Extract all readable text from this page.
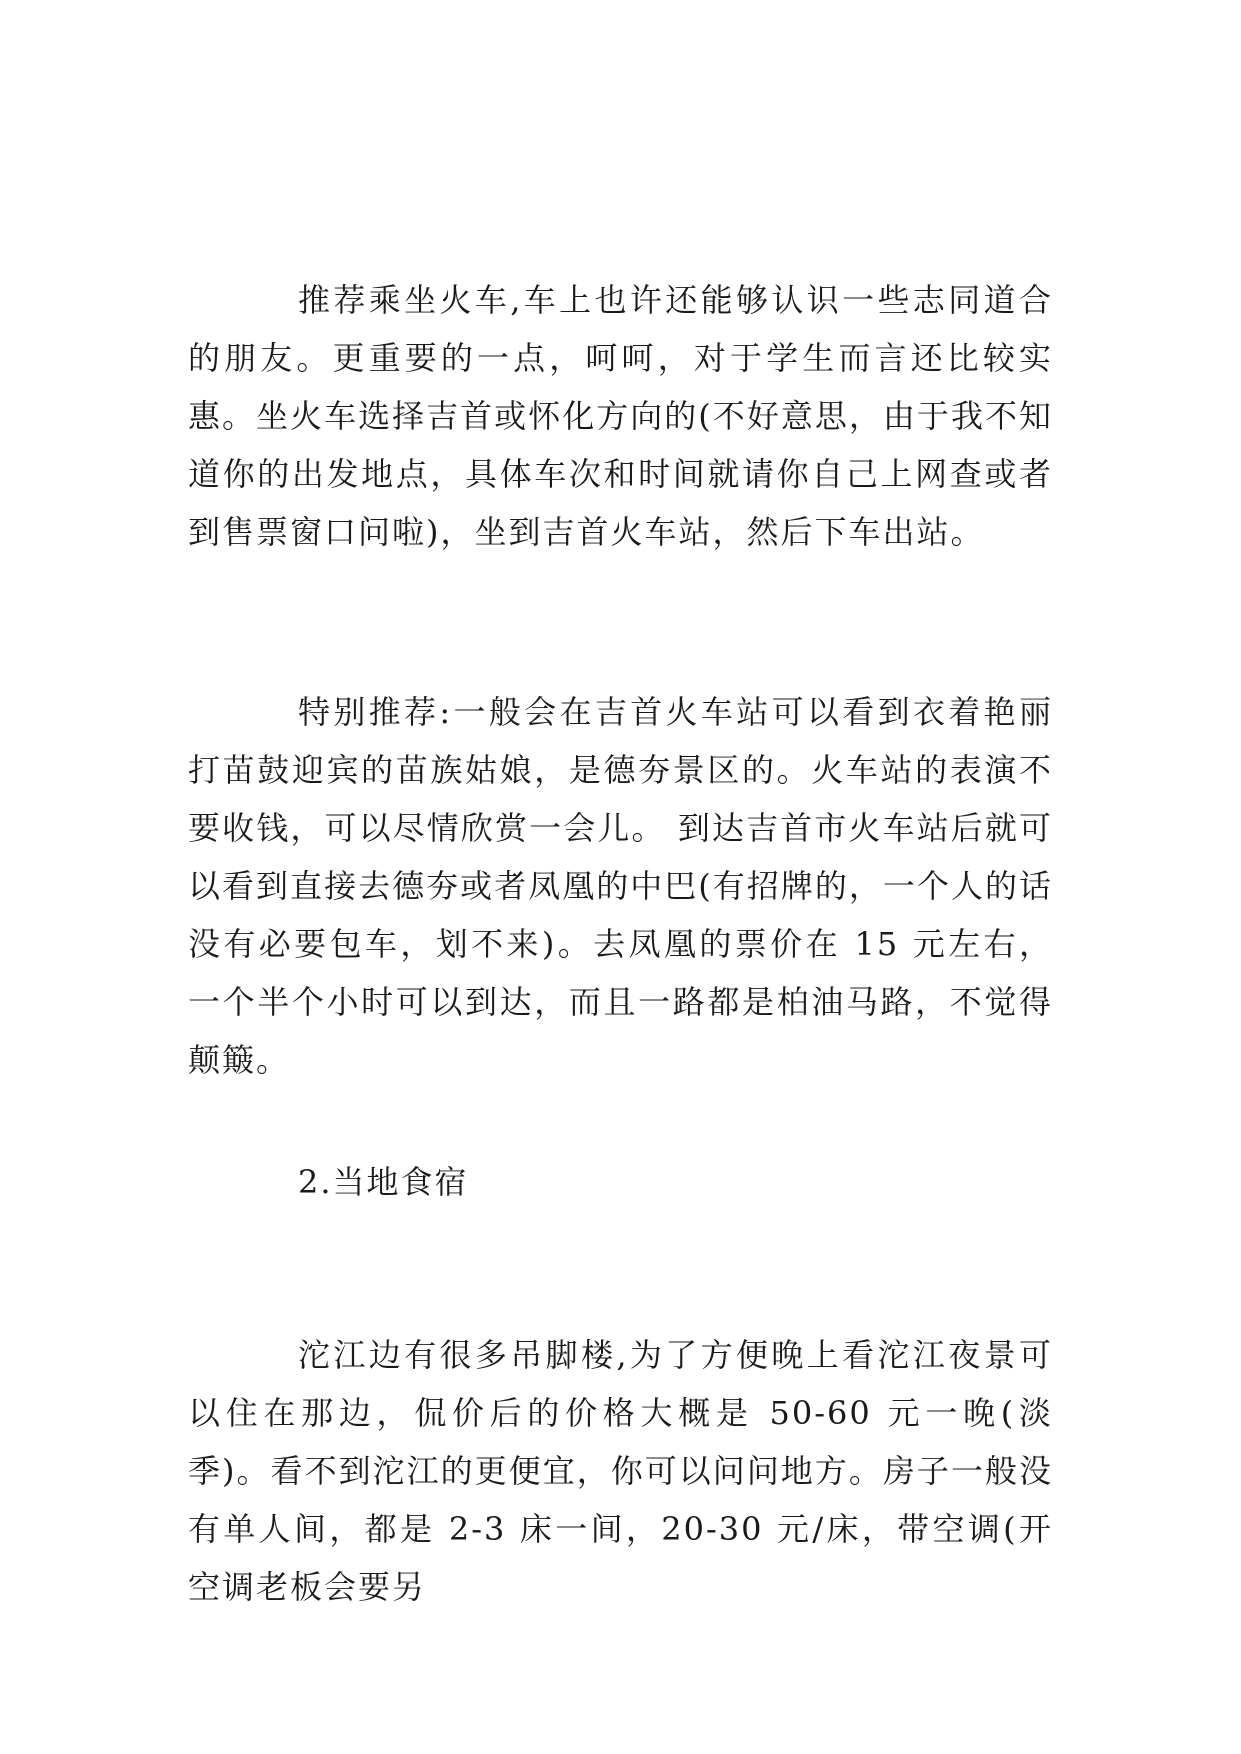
推荐乘坐火车,车上也许还能够认识一些志同道合的朋友。更重要的一点，呵呵，对于学生而言还比较实惠。坐火车选择吉首或怀化方向的(不好意思，由于我不知道你的出发地点，具体车次和时间就请你自己上网查或者到售票窗口问啦)，坐到吉首火车站，然后下车出站。

特别推荐:一般会在吉首火车站可以看到衣着艳丽打苗鼓迎宾的苗族姑娘，是德夯景区的。火车站的表演不要收钱，可以尽情欣赏一会儿。 到达吉首市火车站后就可以看到直接去德夯或者凤凰的中巴(有招牌的，一个人的话没有必要包车，划不来)。去凤凰的票价在 15 元左右，一个半个小时可以到达，而且一路都是柏油马路，不觉得颠簸。

2.当地食宿

沱江边有很多吊脚楼,为了方便晚上看沱江夜景可以住在那边，侃价后的价格大概是 50-60 元一晚(淡季)。看不到沱江的更便宜，你可以问问地方。房子一般没有单人间，都是 2-3 床一间，20-30 元/床，带空调(开空调老板会要另
